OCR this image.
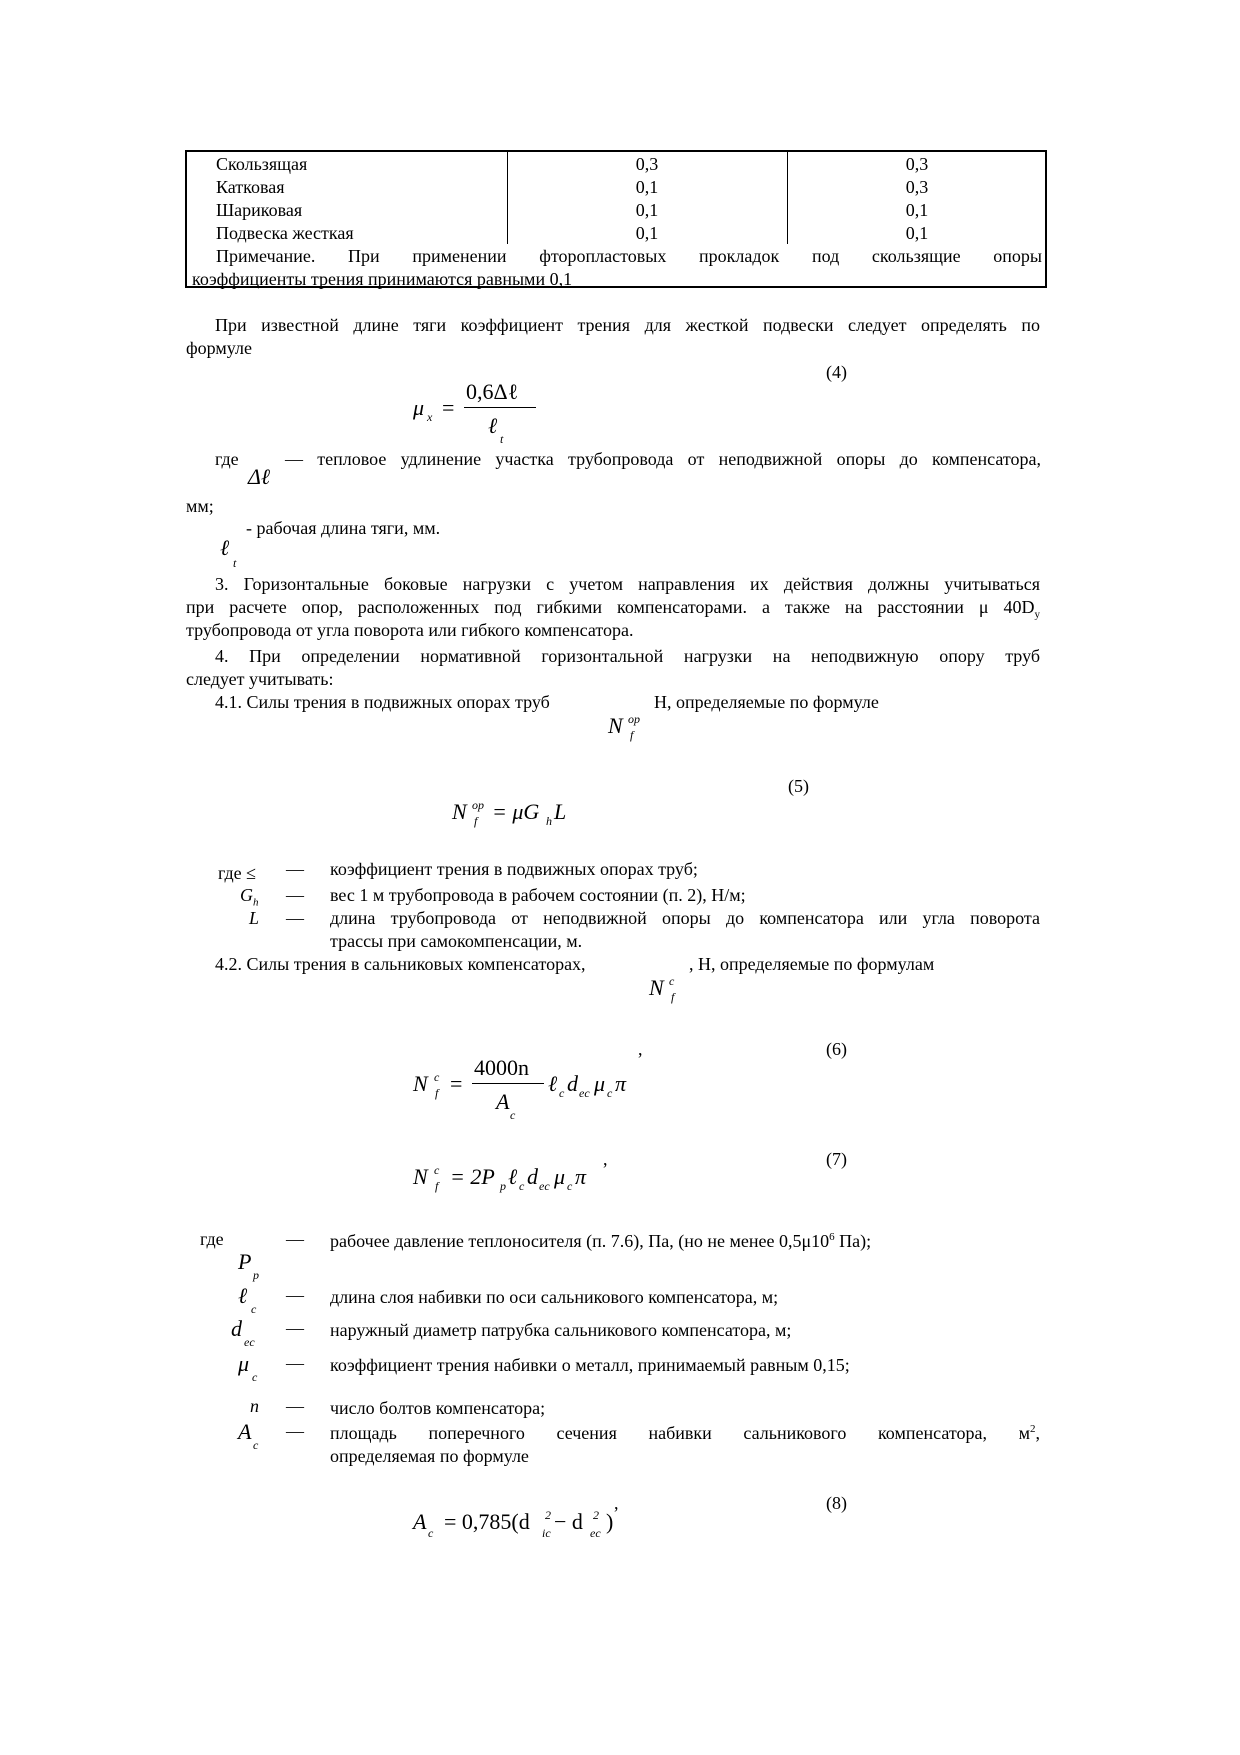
Скользящая	0,3	0,3
Катковая	0,1	0,3
Шариковая	0,1	0,1
Подвеска жесткая	0,1	0,1
Примечание. При применении фторопластовых прокладок под скользящие опоры
коэффициенты трения принимаются равными 0,1
При известной длине тяги коэффициент трения для жесткой подвески следует определять по
формуле
(4)
μ x =
0,6Δℓ
ℓ
t
где
Δℓ
— тепловое удлинение участка трубопровода от неподвижной опоры до компенсатора,
мм;
ℓ
t
- рабочая длина тяги, мм.
3. Горизонтальные боковые нагрузки с учетом направления их действия должны учитываться
при расчете опор, расположенных под гибкими компенсаторами. а также на расстоянии μ $40D_y$
трубопровода от угла поворота или гибкого компенсатора.
4. При определении нормативной горизонтальной нагрузки на неподвижную опору труб
следует учитывать:
4.1. Силы трения в подвижных опорах труб	Н, определяемые по формуле
N op
f
(5)
N op
f = μG h L
где ≤ — коэффициент трения в подвижных опорах труб;
$G_h$ — вес 1 м трубопровода в рабочем состоянии (п. 2), Н/м;
L — длина трубопровода от неподвижной опоры до компенсатора или угла поворота
трассы при самокомпенсации, м.
4.2. Силы трения в сальниковых компенсаторах,	, Н, определяемые по формулам
N c
f
,	(6)
N c
f =
4000n
A
c
ℓ c d ec μ c π
,	(7)
N c
f = 2P p ℓ c d ec μ c π
где
P
p
— рабочее давление теплоносителя (п. 7.6), Па, (но не менее $0,5\mu 10^6$ Па);
ℓ
c
— длина слоя набивки по оси сальникового компенсатора, м;
d
ec
— наружный диаметр патрубка сальникового компенсатора, м;
μ
c
— коэффициент трения набивки о металл, принимаемый равным 0,15;
n — число болтов компенсатора;
A
c
— площадь поперечного сечения набивки сальникового компенсатора, $м^2$,
определяемая по формуле
,	(8)
A c = 0,785(d 2
ic − d 2
ec )
